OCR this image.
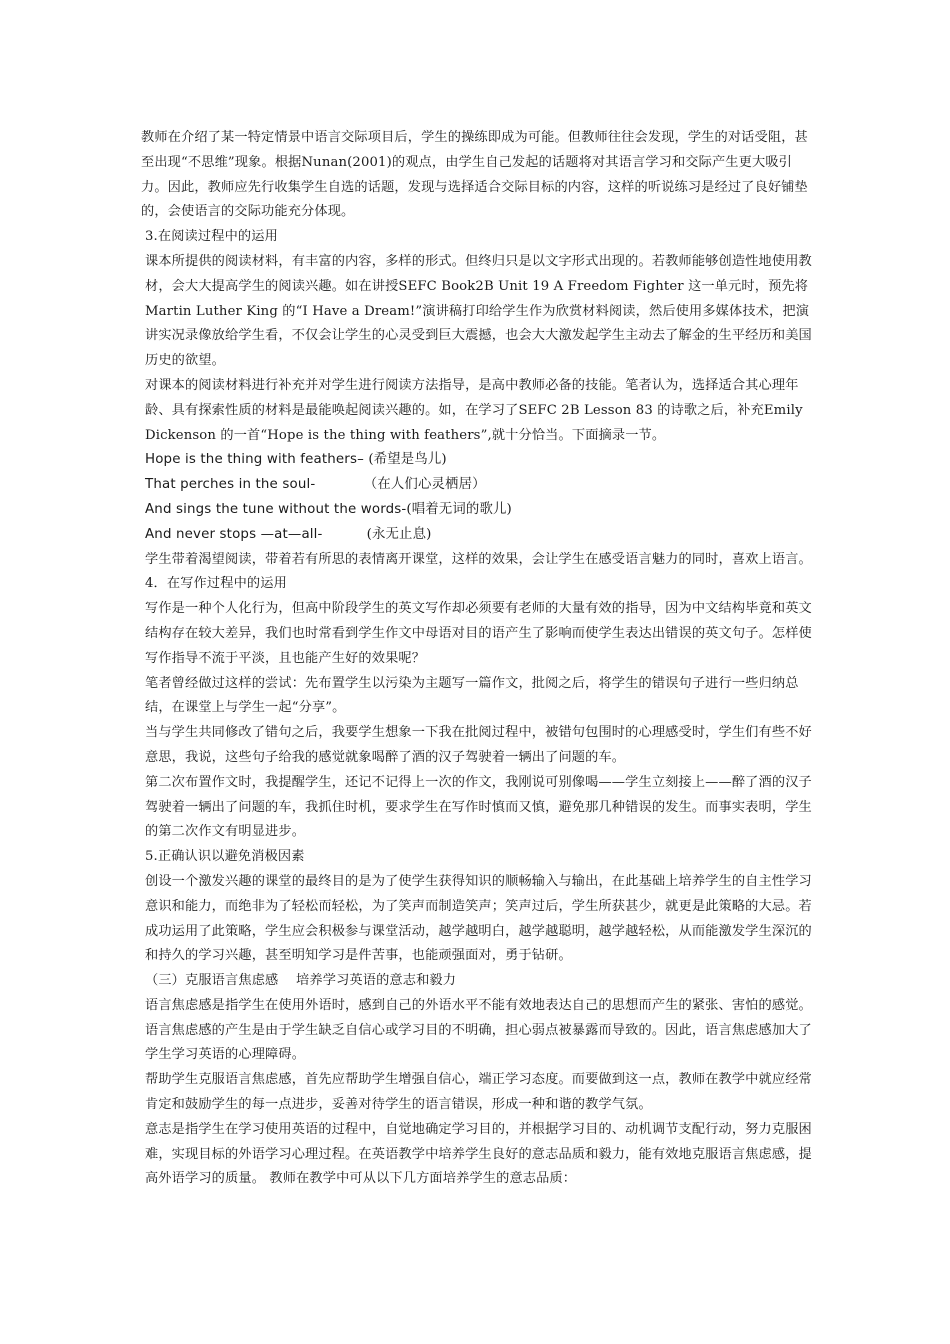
教师在介绍了某一特定情景中语言交际项目后，学生的操练即成为可能。但教师往往会发现，学生的对话受阻，甚至出现“不思维”现象。根据Nunan(2001)的观点，由学生自己发起的话题将对其语言学习和交际产生更大吸引力。因此，教师应先行收集学生自选的话题，发现与选择适合交际目标的内容，这样的听说练习是经过了良好铺垫的，会使语言的交际功能充分体现。

3.在阅读过程中的运用

课本所提供的阅读材料，有丰富的内容，多样的形式。但终归只是以文字形式出现的。若教师能够创造性地使用教材，会大大提高学生的阅读兴趣。如在讲授SEFC Book2B Unit 19 A Freedom Fighter 这一单元时，预先将Martin Luther King 的“I Have a Dream!”演讲稿打印给学生作为欣赏材料阅读，然后使用多媒体技术，把演讲实况录像放给学生看，不仅会让学生的心灵受到巨大震撼，也会大大激发起学生主动去了解金的生平经历和美国历史的欲望。

对课本的阅读材料进行补充并对学生进行阅读方法指导，是高中教师必备的技能。笔者认为，选择适合其心理年龄、具有探索性质的材料是最能唤起阅读兴趣的。如，在学习了SEFC 2B Lesson 83 的诗歌之后，补充Emily Dickenson 的一首“Hope is the thing with feathers”,就十分恰当。下面摘录一节。

Hope is the thing with feathers– (希望是鸟儿)

That perches in the soul-           （在人们心灵栖居）

And sings the tune without the words-(唱着无词的歌儿)

And never stops —at—all-          (永无止息)

学生带着渴望阅读，带着若有所思的表情离开课堂，这样的效果，会让学生在感受语言魅力的同时，喜欢上语言。

4．在写作过程中的运用

写作是一种个人化行为，但高中阶段学生的英文写作却必须要有老师的大量有效的指导，因为中文结构毕竟和英文结构存在较大差异，我们也时常看到学生作文中母语对目的语产生了影响而使学生表达出错误的英文句子。怎样使写作指导不流于平淡，且也能产生好的效果呢？

笔者曾经做过这样的尝试：先布置学生以污染为主题写一篇作文，批阅之后，将学生的错误句子进行一些归纳总结，在课堂上与学生一起“分享”。

当与学生共同修改了错句之后，我要学生想象一下我在批阅过程中，被错句包围时的心理感受时，学生们有些不好意思，我说，这些句子给我的感觉就象喝醉了酒的汉子驾驶着一辆出了问题的车。

第二次布置作文时，我提醒学生，还记不记得上一次的作文，我刚说可别像喝——学生立刻接上——醉了酒的汉子驾驶着一辆出了问题的车，我抓住时机，要求学生在写作时慎而又慎，避免那几种错误的发生。而事实表明，学生的第二次作文有明显进步。

5.正确认识以避免消极因素

创设一个激发兴趣的课堂的最终目的是为了使学生获得知识的顺畅输入与输出，在此基础上培养学生的自主性学习意识和能力，而绝非为了轻松而轻松，为了笑声而制造笑声；笑声过后，学生所获甚少，就更是此策略的大忌。若成功运用了此策略，学生应会积极参与课堂活动，越学越明白，越学越聪明，越学越轻松，从而能激发学生深沉的和持久的学习兴趣，甚至明知学习是件苦事，也能顽强面对，勇于钻研。

（三）克服语言焦虑感　 培养学习英语的意志和毅力

语言焦虑感是指学生在使用外语时，感到自己的外语水平不能有效地表达自己的思想而产生的紧张、害怕的感觉。语言焦虑感的产生是由于学生缺乏自信心或学习目的不明确，担心弱点被暴露而导致的。因此，语言焦虑感加大了学生学习英语的心理障碍。

帮助学生克服语言焦虑感，首先应帮助学生增强自信心，端正学习态度。而要做到这一点，教师在教学中就应经常肯定和鼓励学生的每一点进步，妥善对待学生的语言错误，形成一种和谐的教学气氛。

意志是指学生在学习使用英语的过程中，自觉地确定学习目的，并根据学习目的、动机调节支配行动，努力克服困难，实现目标的外语学习心理过程。在英语教学中培养学生良好的意志品质和毅力，能有效地克服语言焦虑感，提高外语学习的质量。 教师在教学中可从以下几方面培养学生的意志品质：
